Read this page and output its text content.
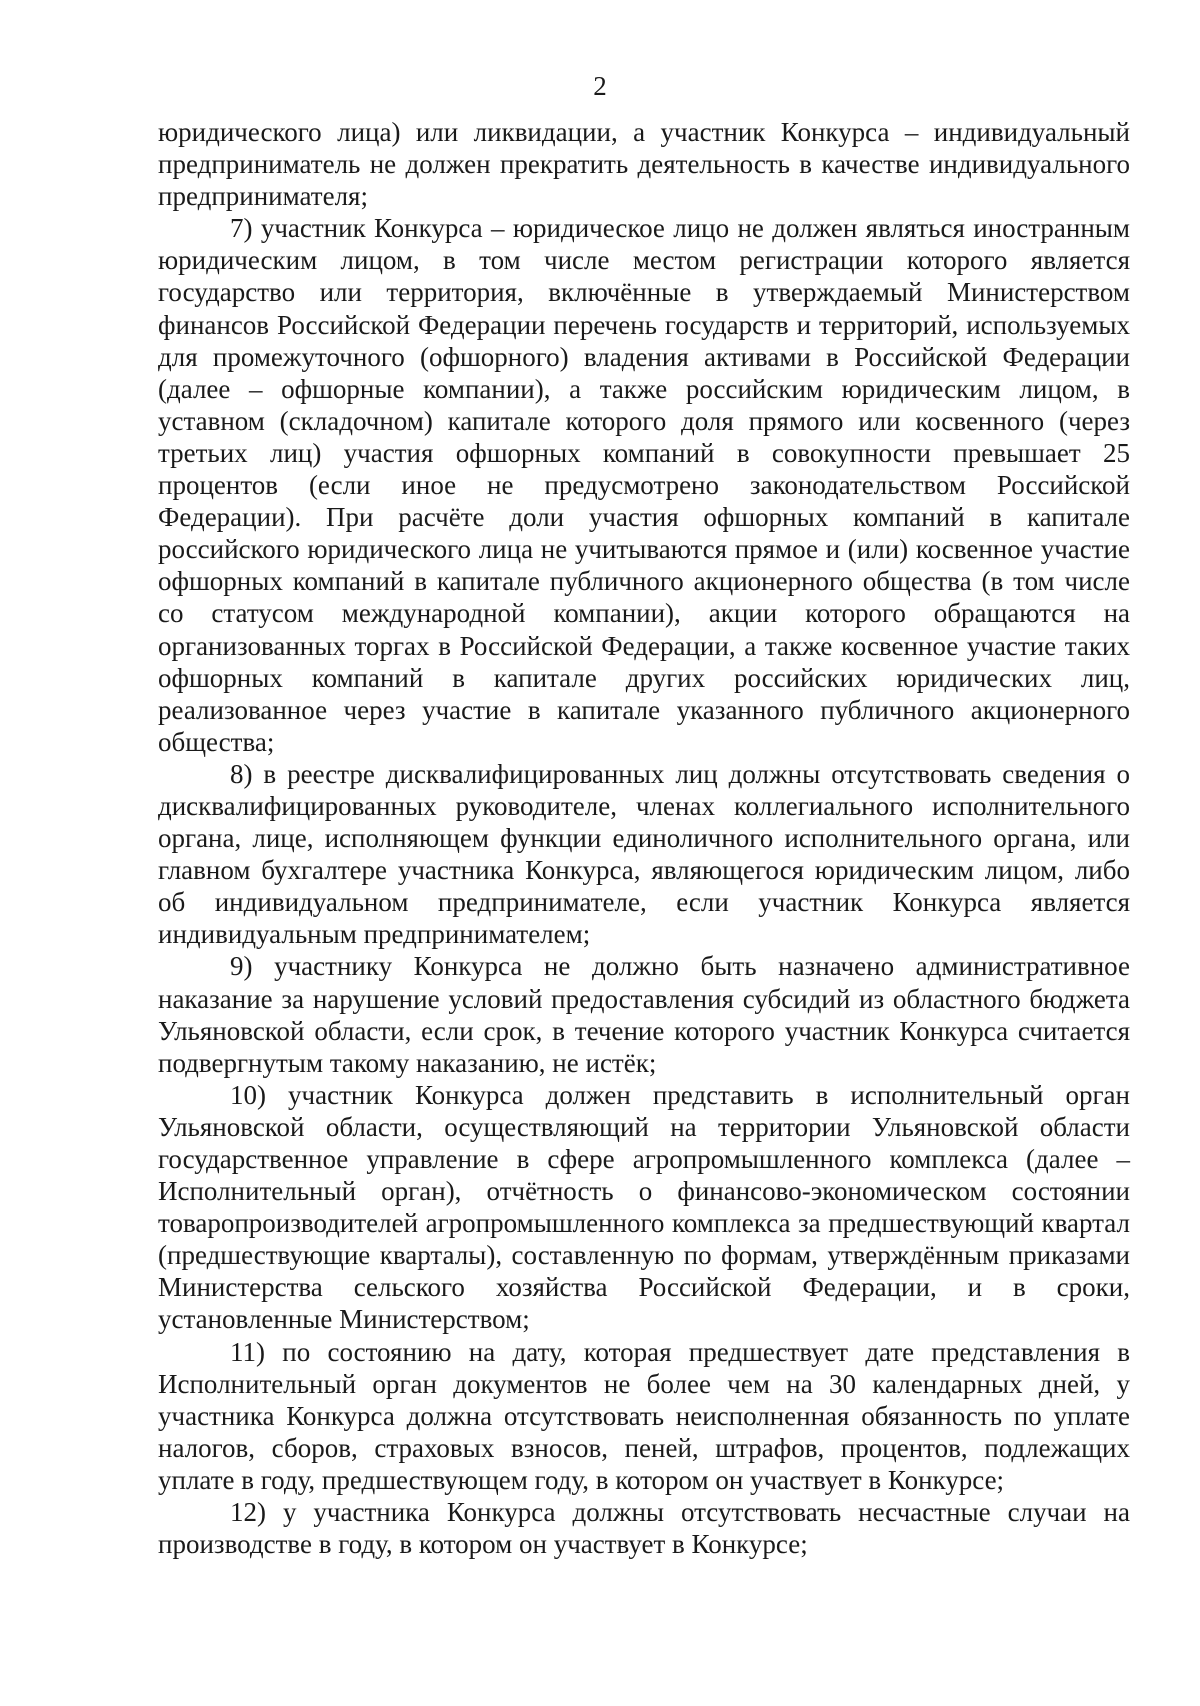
2

юридического лица) или ликвидации, а участник Конкурса – индивидуальный предприниматель не должен прекратить деятельность в качестве индивидуального предпринимателя;

7) участник Конкурса – юридическое лицо не должен являться иностранным юридическим лицом, в том числе местом регистрации которого является государство или территория, включённые в утверждаемый Министерством финансов Российской Федерации перечень государств и территорий, используемых для промежуточного (офшорного) владения активами в Российской Федерации (далее – офшорные компании), а также российским юридическим лицом, в уставном (складочном) капитале которого доля прямого или косвенного (через третьих лиц) участия офшорных компаний в совокупности превышает 25 процентов (если иное не предусмотрено законодательством Российской Федерации). При расчёте доли участия офшорных компаний в капитале российского юридического лица не учитываются прямое и (или) косвенное участие офшорных компаний в капитале публичного акционерного общества (в том числе со статусом международной компании), акции которого обращаются на организованных торгах в Российской Федерации, а также косвенное участие таких офшорных компаний в капитале других российских юридических лиц, реализованное через участие в капитале указанного публичного акционерного общества;

8) в реестре дисквалифицированных лиц должны отсутствовать сведения о дисквалифицированных руководителе, членах коллегиального исполнительного органа, лице, исполняющем функции единоличного исполнительного органа, или главном бухгалтере участника Конкурса, являющегося юридическим лицом, либо об индивидуальном предпринимателе, если участник Конкурса является индивидуальным предпринимателем;

9) участнику Конкурса не должно быть назначено административное наказание за нарушение условий предоставления субсидий из областного бюджета Ульяновской области, если срок, в течение которого участник Конкурса считается подвергнутым такому наказанию, не истёк;

10) участник Конкурса должен представить в исполнительный орган Ульяновской области, осуществляющий на территории Ульяновской области государственное управление в сфере агропромышленного комплекса (далее – Исполнительный орган), отчётность о финансово-экономическом состоянии товаропроизводителей агропромышленного комплекса за предшествующий квартал (предшествующие кварталы), составленную по формам, утверждённым приказами Министерства сельского хозяйства Российской Федерации, и в сроки, установленные Министерством;

11) по состоянию на дату, которая предшествует дате представления в Исполнительный орган документов не более чем на 30 календарных дней, у участника Конкурса должна отсутствовать неисполненная обязанность по уплате налогов, сборов, страховых взносов, пеней, штрафов, процентов, подлежащих уплате в году, предшествующем году, в котором он участвует в Конкурсе;

12) у участника Конкурса должны отсутствовать несчастные случаи на производстве в году, в котором он участвует в Конкурсе;
